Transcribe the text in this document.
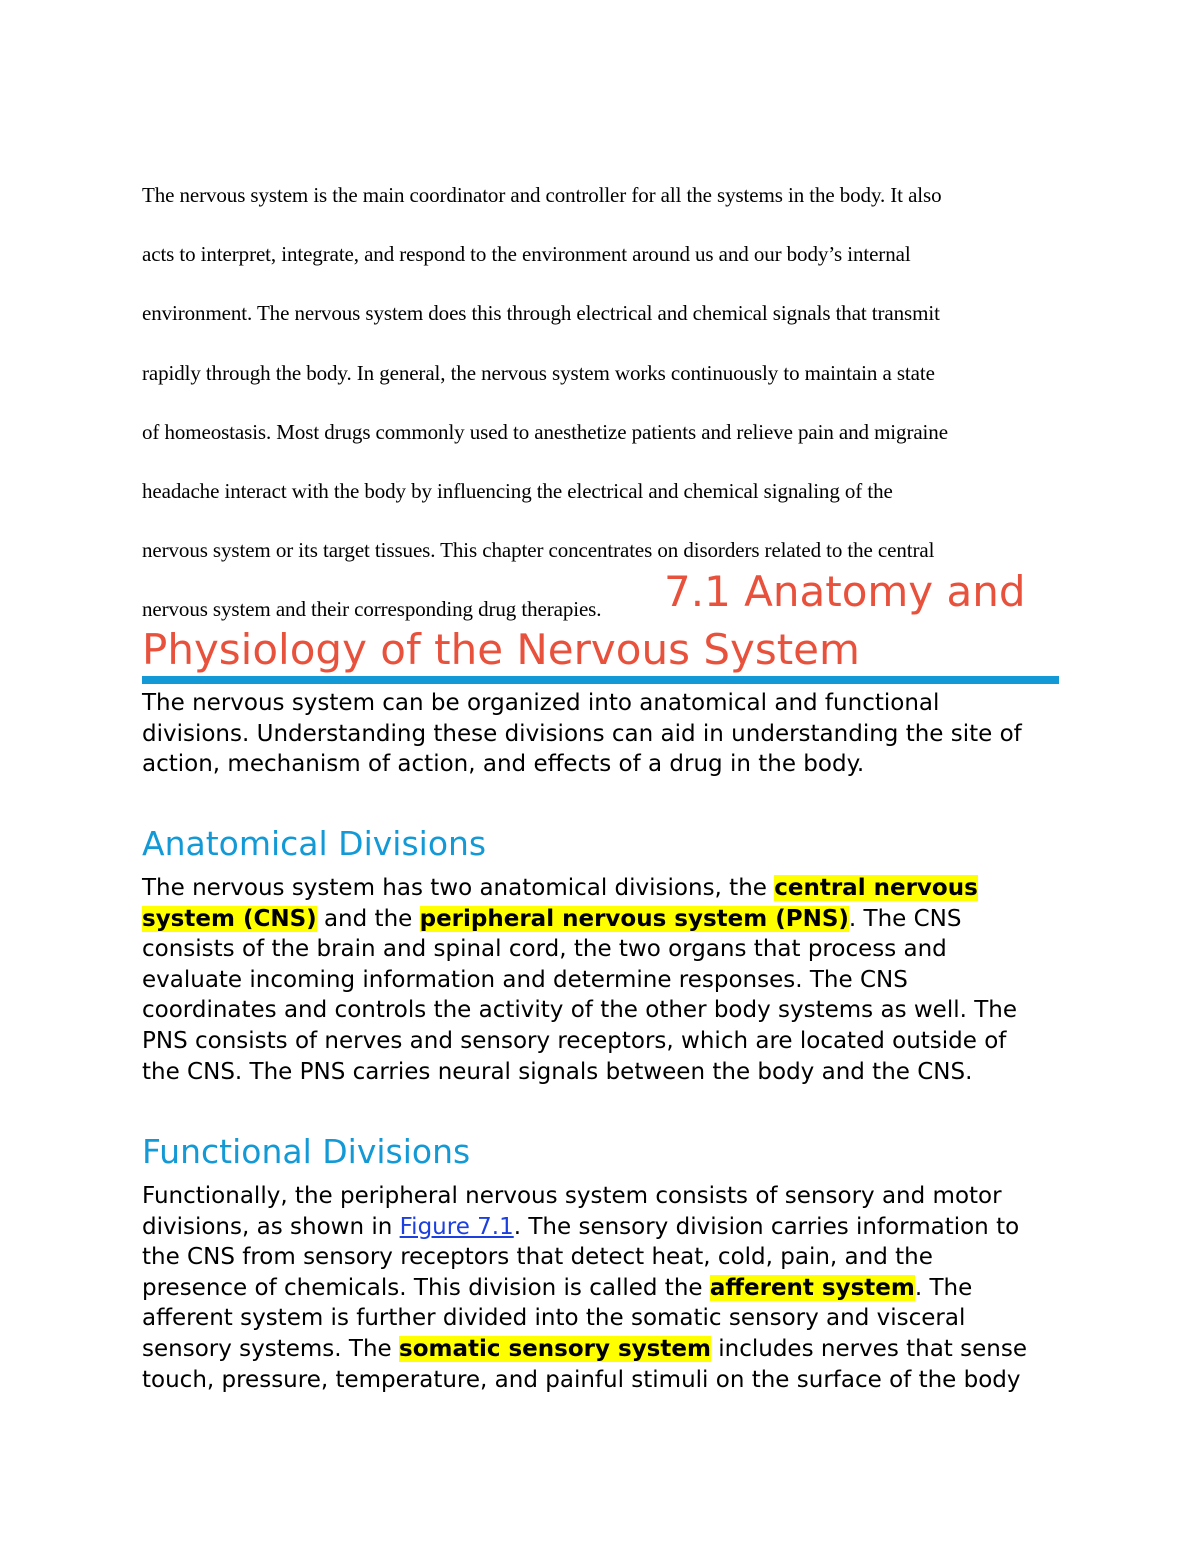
The nervous system is the main coordinator and controller for all the systems in the body. It also
acts to interpret, integrate, and respond to the environment around us and our body’s internal
environment. The nervous system does this through electrical and chemical signals that transmit
rapidly through the body. In general, the nervous system works continuously to maintain a state
of homeostasis. Most drugs commonly used to anesthetize patients and relieve pain and migraine
headache interact with the body by influencing the electrical and chemical signaling of the
nervous system or its target tissues. This chapter concentrates on disorders related to the central
nervous system and their corresponding drug therapies.	7.1 Anatomy and
Physiology of the Nervous System

The nervous system can be organized into anatomical and functional
divisions. Understanding these divisions can aid in understanding the site of
action, mechanism of action, and effects of a drug in the body.

Anatomical Divisions

The nervous system has two anatomical divisions, the central nervous
system (CNS) and the peripheral nervous system (PNS). The CNS
consists of the brain and spinal cord, the two organs that process and
evaluate incoming information and determine responses. The CNS
coordinates and controls the activity of the other body systems as well. The
PNS consists of nerves and sensory receptors, which are located outside of
the CNS. The PNS carries neural signals between the body and the CNS.

Functional Divisions

Functionally, the peripheral nervous system consists of sensory and motor
divisions, as shown in Figure 7.1. The sensory division carries information to
the CNS from sensory receptors that detect heat, cold, pain, and the
presence of chemicals. This division is called the afferent system. The
afferent system is further divided into the somatic sensory and visceral
sensory systems. The somatic sensory system includes nerves that sense
touch, pressure, temperature, and painful stimuli on the surface of the body
